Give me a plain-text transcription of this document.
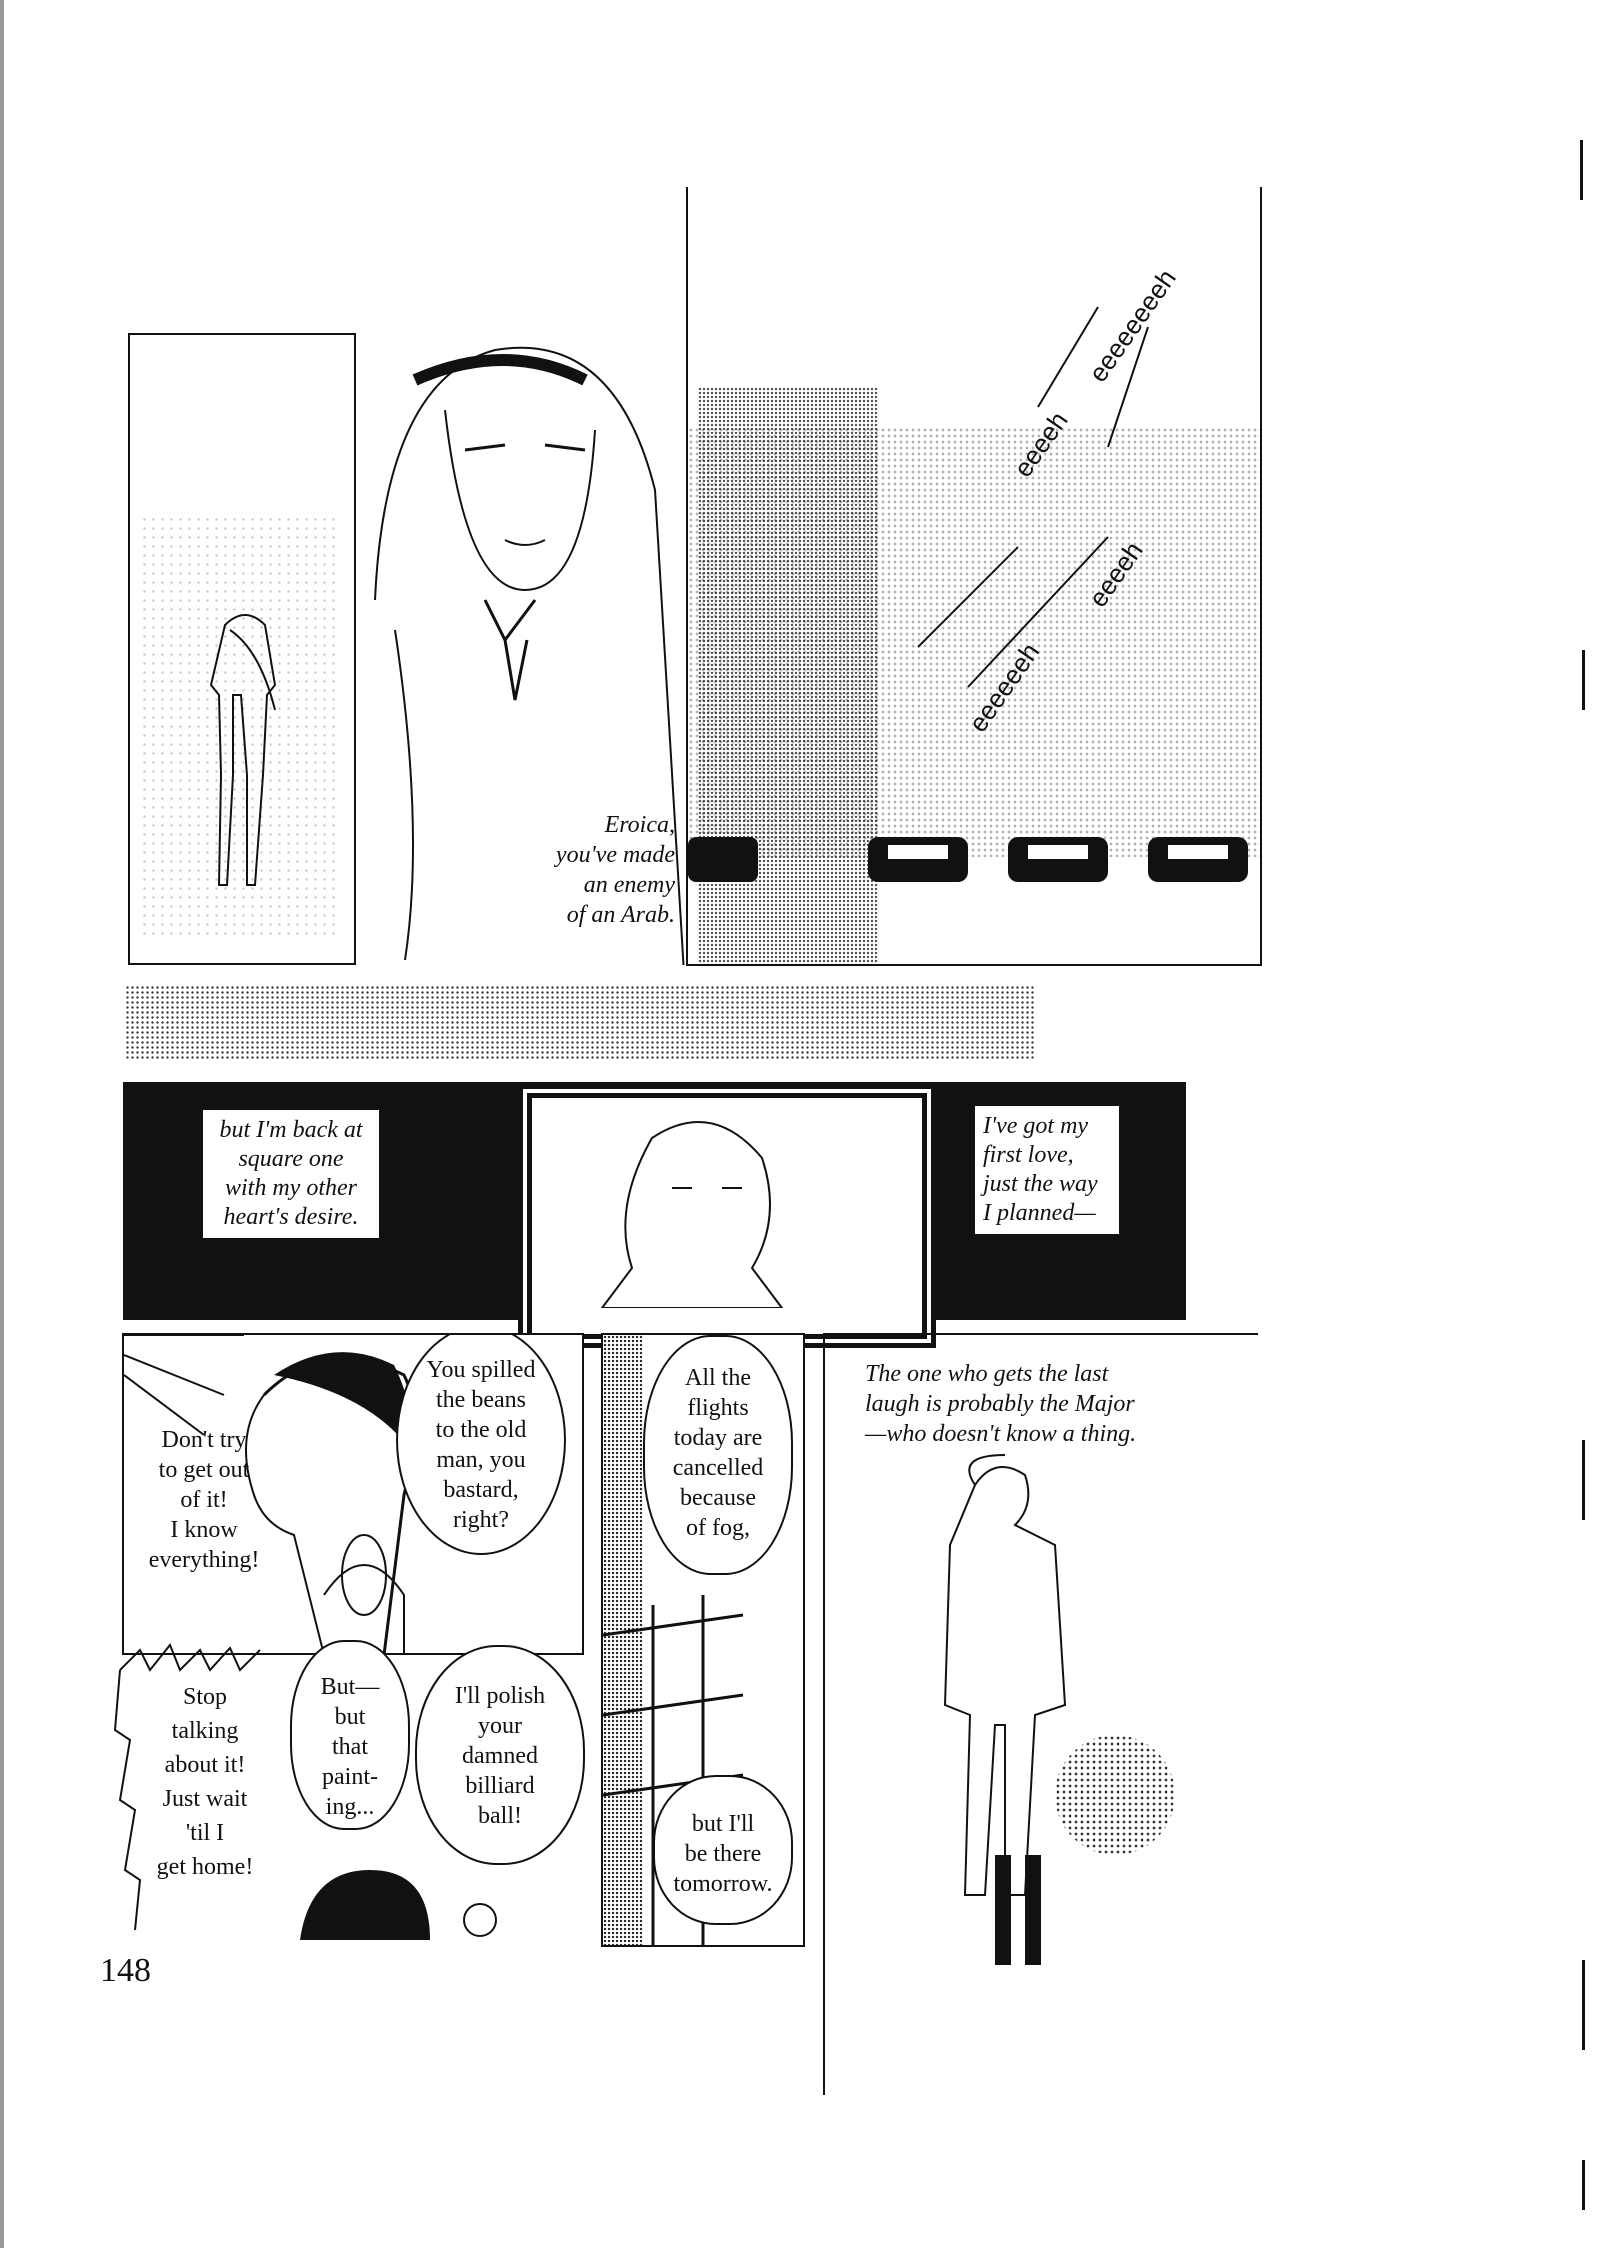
Eroica,
you've made
an enemy
of an Arab.
eeeeeeeeh
eeeeh
eeeeh
eeeeeeh
but I'm back at
square one
with my other
heart's desire.
I've got my
first love,
just the way
I planned—
Don't try
to get out
of it!
I know
everything!
You spilled
the beans
to the old
man, you
bastard,
right?
All the
flights
today are
cancelled
because
of fog,
but I'll
be there
tomorrow.
Stop
talking
about it!
Just wait
'til I
get home!
But—
but
that
paint-
ing...
I'll polish
your
damned
billiard
ball!
The one who gets the last
laugh is probably the Major
—who doesn't know a thing.
148
